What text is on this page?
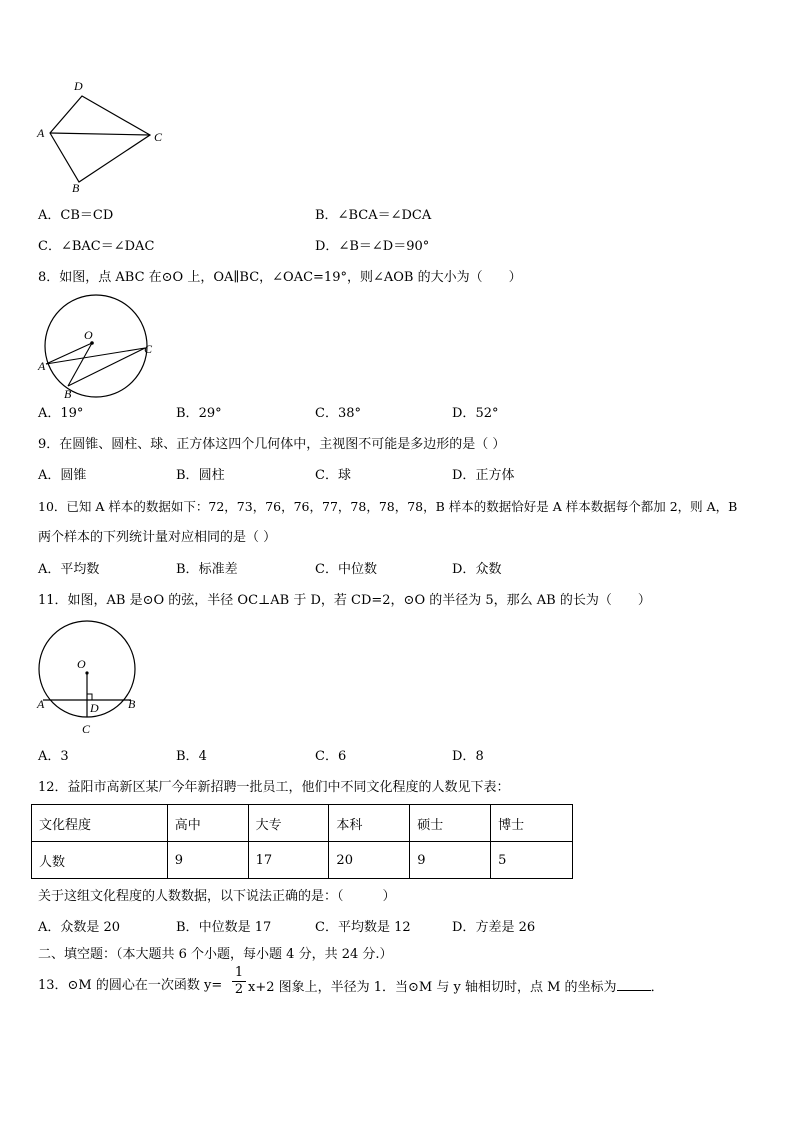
D
A	C
B
A．CB＝CD	B．∠BCA＝∠DCA
C．∠BAC＝∠DAC	D．∠B＝∠D＝90°
8．如图，点 ABC 在⊙O 上，OA∥BC，∠OAC=19°，则∠AOB 的大小为（　　）
O
A
B
C
A．19°	B．29°	C．38°	D．52°
9．在圆锥、圆柱、球、正方体这四个几何体中，主视图不可能是多边形的是（ ）
A．圆锥	B．圆柱	C．球	D．正方体
10．已知 A 样本的数据如下：72，73，76，76，77，78，78，78，B 样本的数据恰好是 A 样本数据每个都加 2，则 A，B
两个样本的下列统计量对应相同的是（ ）
A．平均数	B．标准差	C．中位数	D．众数
11．如图，AB 是⊙O 的弦，半径 OC⊥AB 于 D，若 CD=2，⊙O 的半径为 5，那么 AB 的长为（　　）
O
A	D B
C
A．3	B．4	C．6	D．8
12．益阳市高新区某厂今年新招聘一批员工，他们中不同文化程度的人数见下表：
文化程度	高中	大专	本科	硕士	博士
人数	9	17	20	9	5
关于这组文化程度的人数数据，以下说法正确的是：（　　　）
A．众数是 20	B．中位数是 17	C．平均数是 12	D．方差是 26
二、填空题：（本大题共 6 个小题，每小题 4 分，共 24 分.）
13．⊙M 的圆心在一次函数 y=
1
2 x+2 图象上，半径为 1．当⊙M 与 y 轴相切时，点 M 的坐标为	．
